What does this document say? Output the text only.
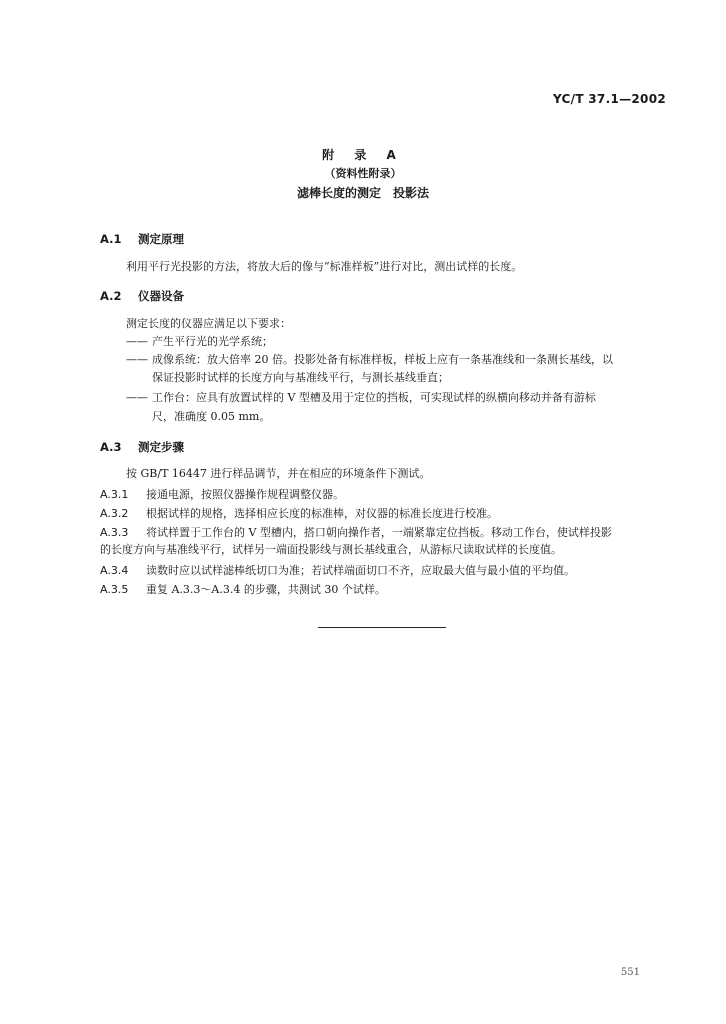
YC/T 37.1—2002
附 录 A
（资料性附录）
滤棒长度的测定　投影法
A.1 测定原理
利用平行光投影的方法，将放大后的像与“标准样板”进行对比，测出试样的长度。
A.2 仪器设备
测定长度的仪器应满足以下要求：
—— 产生平行光的光学系统；
—— 成像系统：放大倍率 20 倍。投影处备有标准样板，样板上应有一条基准线和一条测长基线，以
保证投影时试样的长度方向与基准线平行，与测长基线垂直；
—— 工作台：应具有放置试样的 V 型槽及用于定位的挡板，可实现试样的纵横向移动并备有游标
尺，准确度 0.05 mm。
A.3 测定步骤
按 GB/T 16447 进行样品调节，并在相应的环境条件下测试。
A.3.1 接通电源，按照仪器操作规程调整仪器。
A.3.2 根据试样的规格，选择相应长度的标准棒，对仪器的标准长度进行校准。
A.3.3 将试样置于工作台的 V 型槽内，搭口朝向操作者，一端紧靠定位挡板。移动工作台，使试样投影
的长度方向与基准线平行，试样另一端面投影线与测长基线重合，从游标尺读取试样的长度值。
A.3.4 读数时应以试样滤棒纸切口为准；若试样端面切口不齐，应取最大值与最小值的平均值。
A.3.5 重复 A.3.3～A.3.4 的步骤，共测试 30 个试样。
551
